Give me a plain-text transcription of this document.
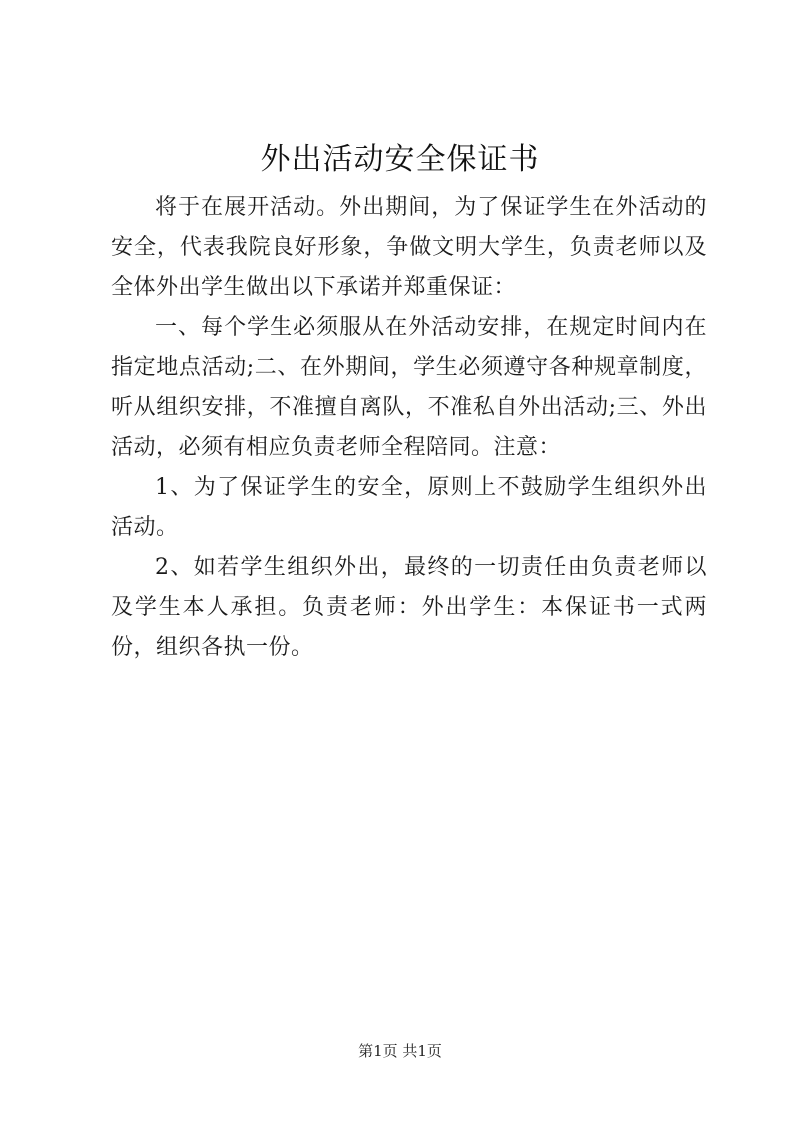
外出活动安全保证书

将于在展开活动。外出期间，为了保证学生在外活动的安全，代表我院良好形象，争做文明大学生，负责老师以及全体外出学生做出以下承诺并郑重保证：

一、每个学生必须服从在外活动安排，在规定时间内在指定地点活动;二、在外期间，学生必须遵守各种规章制度，听从组织安排，不准擅自离队，不准私自外出活动;三、外出活动，必须有相应负责老师全程陪同。注意：

1、为了保证学生的安全，原则上不鼓励学生组织外出活动。

2、如若学生组织外出，最终的一切责任由负责老师以及学生本人承担。负责老师：外出学生：本保证书一式两份，组织各执一份。

第1页 共1页
